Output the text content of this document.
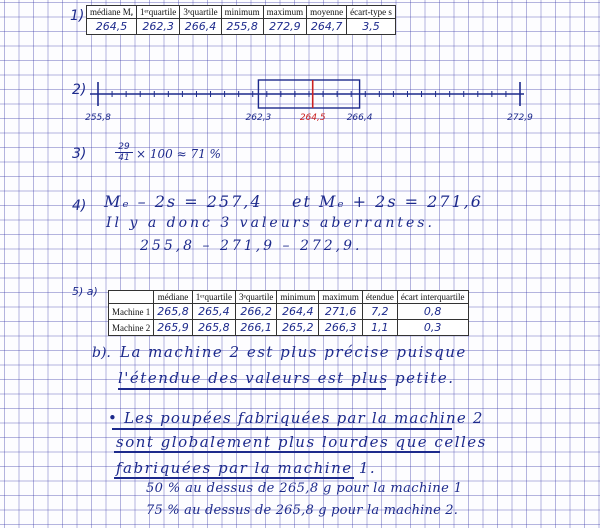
1) médiane Mₑ	1ᵉʳquartile	3ᵉquartile	minimum	maximum	moyenne	écart-type s
264,5	262,3	266,4	255,8	272,9	264,7	3,5
2)
255,8	262,3	264,5 266,4	272,9
3)	$\frac{29}{41} \times 100 \approx 71$ %
4) Mₑ – 2s = 257,4 et Mₑ + 2s = 271,6
Il y a donc 3 valeurs aberrantes.
255,8 – 271,9 – 272,9.
5) a)
		médiane	1ᵉʳquartile	3ᵉquartile	minimum	maximum	étendue	écart interquartile
Machine 1	265,8	265,4	266,2	264,4	271,6	7,2	0,8
Machine 2	265,9	265,8	266,1	265,2	266,3	1,1	0,3
b). La machine 2 est plus précise puisque
l'étendue des valeurs est plus petite.
• Les poupées fabriquées par la machine 2
sont globalement plus lourdes que celles
fabriquées par la machine 1.
50 % au dessus de 265,8 g pour la machine 1
75 % au dessus de 265,8 g pour la machine 2.
